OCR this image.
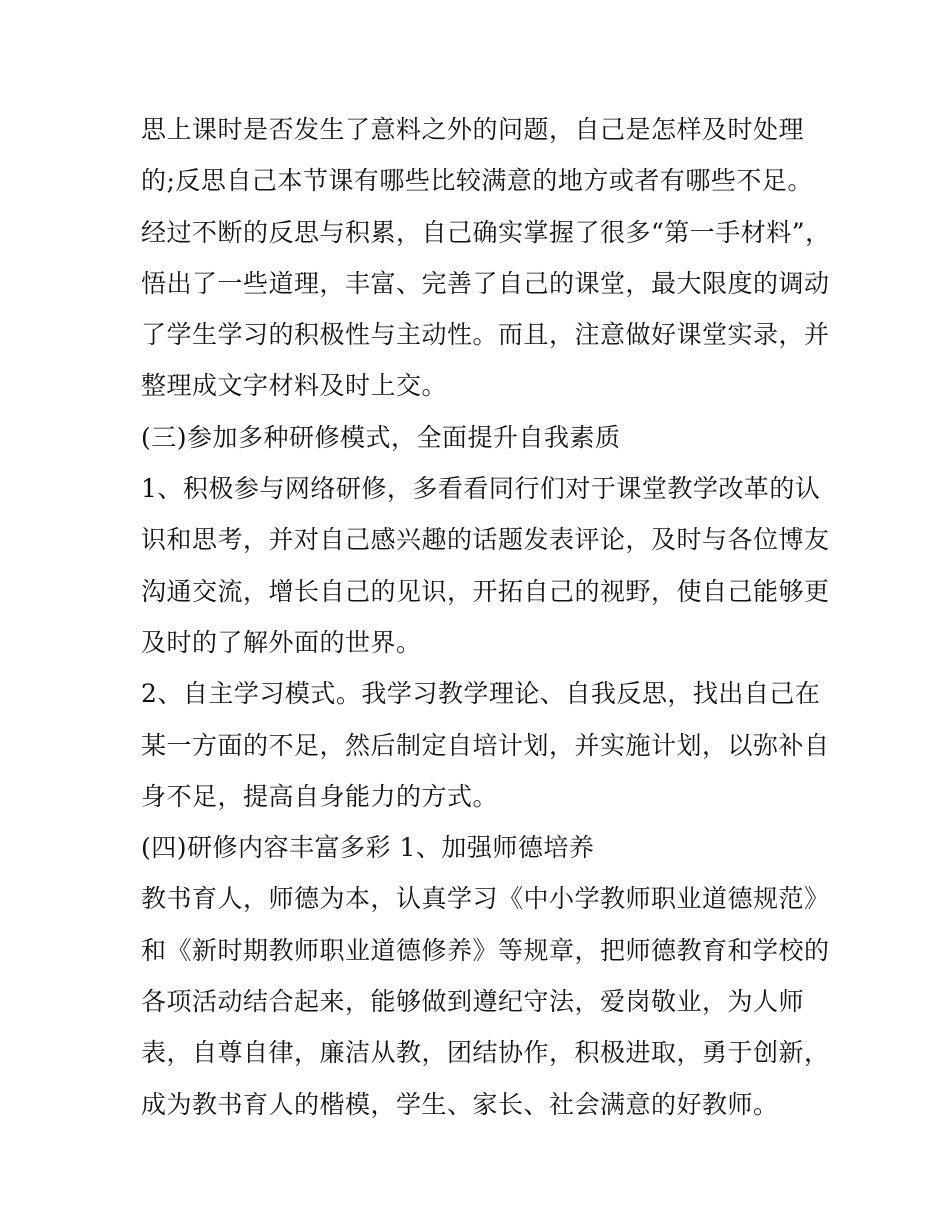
思上课时是否发生了意料之外的问题，自己是怎样及时处理
的;反思自己本节课有哪些比较满意的地方或者有哪些不足。
经过不断的反思与积累，自己确实掌握了很多“第一手材料”，
悟出了一些道理，丰富、完善了自己的课堂，最大限度的调动
了学生学习的积极性与主动性。而且，注意做好课堂实录，并
整理成文字材料及时上交。
(三)参加多种研修模式，全面提升自我素质
1、积极参与网络研修，多看看同行们对于课堂教学改革的认
识和思考，并对自己感兴趣的话题发表评论，及时与各位博友
沟通交流，增长自己的见识，开拓自己的视野，使自己能够更
及时的了解外面的世界。
2、自主学习模式。我学习教学理论、自我反思，找出自己在
某一方面的不足，然后制定自培计划，并实施计划，以弥补自
身不足，提高自身能力的方式。
(四)研修内容丰富多彩 1、加强师德培养
教书育人，师德为本，认真学习《中小学教师职业道德规范》
和《新时期教师职业道德修养》等规章，把师德教育和学校的
各项活动结合起来，能够做到遵纪守法，爱岗敬业，为人师
表，自尊自律，廉洁从教，团结协作，积极进取，勇于创新，
成为教书育人的楷模，学生、家长、社会满意的好教师。
